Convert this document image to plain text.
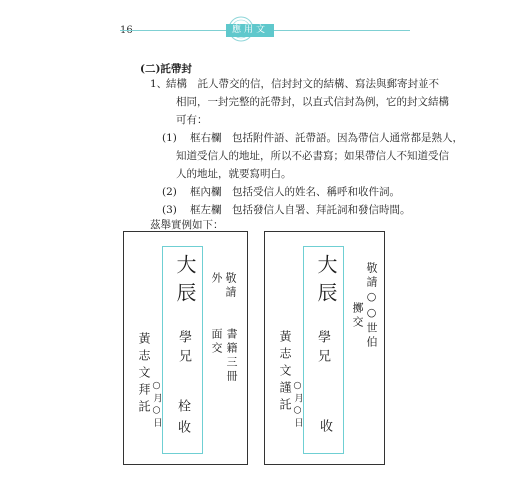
16	應用文
(二)託帶封
1、
結構　託人帶交的信，信封封文的結構、寫法與郵寄封並不
相同，一封完整的託帶封，以直式信封為例，它的封文結構
可有：
(1) 框右欄　包括附件語、託帶語。因為帶信人通常都是熟人，
知道受信人的地址，所以不必書寫；如果帶信人不知道受信
人的地址，就要寫明白。
(2) 框內欄　包括受信人的姓名、稱呼和收件詞。
(3) 框左欄　包括發信人自署、拜託詞和發信時間。
茲舉實例如下：
大辰
學兄
栓收
敬請
外
書籍三冊
面交
黃志文拜託 ○月○日
大辰
學兄
收
敬請○○世伯
擲交
黃志文謹託 ○月○日
